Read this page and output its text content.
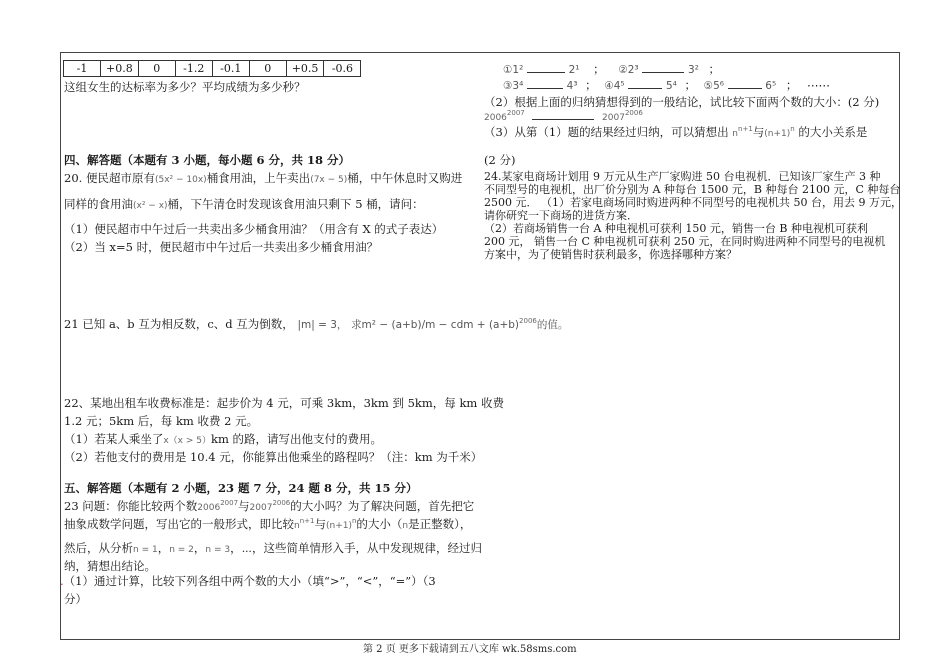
-1	+0.8	0	-1.2	-0.1	0	+0.5	-0.6
这组女生的达标率为多少？平均成绩为多少秒？
四、解答题（本题有 3 小题，每小题 6 分，共 18 分）
20. 便民超市原有(5x² − 10x)桶食用油，上午卖出(7x − 5)桶，中午休息时又购进
同样的食用油(x² − x)桶，下午清仓时发现该食用油只剩下 5 桶，请问：
（1）便民超市中午过后一共卖出多少桶食用油？（用含有 X 的式子表达）
（2）当 x=5 时，便民超市中午过后一共卖出多少桶食用油？
21 已知 a、b 互为相反数，c、d 互为倒数， |m| = 3， 求m² − (a+b)/m − cdm + $(a+b)^{2006}$的值。
22、某地出租车收费标准是：起步价为 4 元，可乘 3km，3km 到 5km，每 km 收费
1.2 元；5km 后，每 km 收费 2 元。
（1）若某人乘坐了x（x > 5）km 的路，请写出他支付的费用。
（2）若他支付的费用是 10.4 元，你能算出他乘坐的路程吗？（注：km 为千米）
五、解答题（本题有 2 小题，23 题 7 分，24 题 8 分，共 15 分）
23 问题：你能比较两个数$2006^{2007}$与$2007^{2006}$的大小吗？为了解决问题，首先把它
抽象成数学问题，写出它的一般形式，即比较$n^{n+1}$与$(n+1)^n$的大小（n是正整数），
然后，从分析n = 1，n = 2，n = 3，⋯，这些简单情形入手，从中发现规律，经过归
纳，猜想出结论。
.（1）通过计算，比较下列各组中两个数的大小（填“>”，“<”，“=”）（3
分）
①1²	2¹ ； ②2³	3² ；
③3⁴	4³ ； ④4⁵	5⁴ ； ⑤5⁶	6⁵ ； ⋯⋯
（2）根据上面的归纳猜想得到的一般结论，试比较下面两个数的大小：(2 分)
$2006^{2007}$	$2007^{2006}$
（3）从第（1）题的结果经过归纳，可以猜想出 $n^{n+1}$与$(n+1)^n$ 的大小关系是
(2 分)
24.某家电商场计划用 9 万元从生产厂家购进 50 台电视机．已知该厂家生产 3 种
不同型号的电视机，出厂价分别为 A 种每台 1500 元，B 种每台 2100 元，C 种每台
2500 元． （1）若家电商场同时购进两种不同型号的电视机共 50 台，用去 9 万元，
请你研究一下商场的进货方案．
（2）若商场销售一台 A 种电视机可获利 150 元，销售一台 B 种电视机可获利
200 元， 销售一台 C 种电视机可获利 250 元，在同时购进两种不同型号的电视机
方案中，为了使销售时获利最多，你选择哪种方案？
第 2 页 更多下载请到五八文库 wk.58sms.com
